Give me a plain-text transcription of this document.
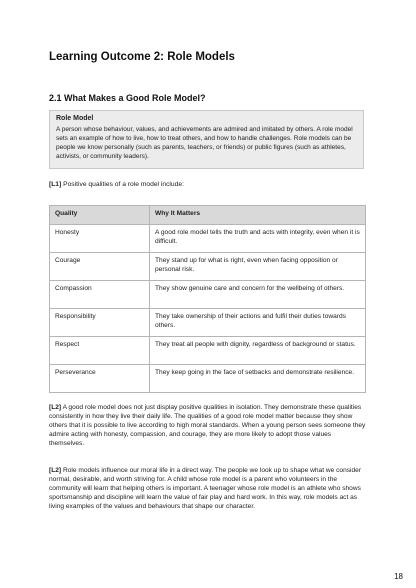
Learning Outcome 2: Role Models
2.1 What Makes a Good Role Model?

Role Model

A person whose behaviour, values, and achievements are admired and imitated by others. A role model sets an example of how to live, how to treat others, and how to handle challenges. Role models can be people we know personally (such as parents, teachers, or friends) or public figures (such as athletes, activists, or community leaders).

[L1] Positive qualities of a role model include:

Quality	Why It Matters
Honesty	A good role model tells the truth and acts with integrity, even when it is difficult.
Courage	They stand up for what is right, even when facing opposition or personal risk.
Compassion	They show genuine care and concern for the wellbeing of others.
Responsibility	They take ownership of their actions and fulfil their duties towards others.
Respect	They treat all people with dignity, regardless of background or status.
Perseverance	They keep going in the face of setbacks and demonstrate resilience.

[L2] A good role model does not just display positive qualities in isolation. They demonstrate these qualities consistently in how they live their daily life. The qualities of a good role model matter because they show others that it is possible to live according to high moral standards. When a young person sees someone they admire acting with honesty, compassion, and courage, they are more likely to adopt those values themselves.

[L2] Role models influence our moral life in a direct way. The people we look up to shape what we consider normal, desirable, and worth striving for. A child whose role model is a parent who volunteers in the community will learn that helping others is important. A teenager whose role model is an athlete who shows sportsmanship and discipline will learn the value of fair play and hard work. In this way, role models act as living examples of the values and behaviours that shape our character.

18
